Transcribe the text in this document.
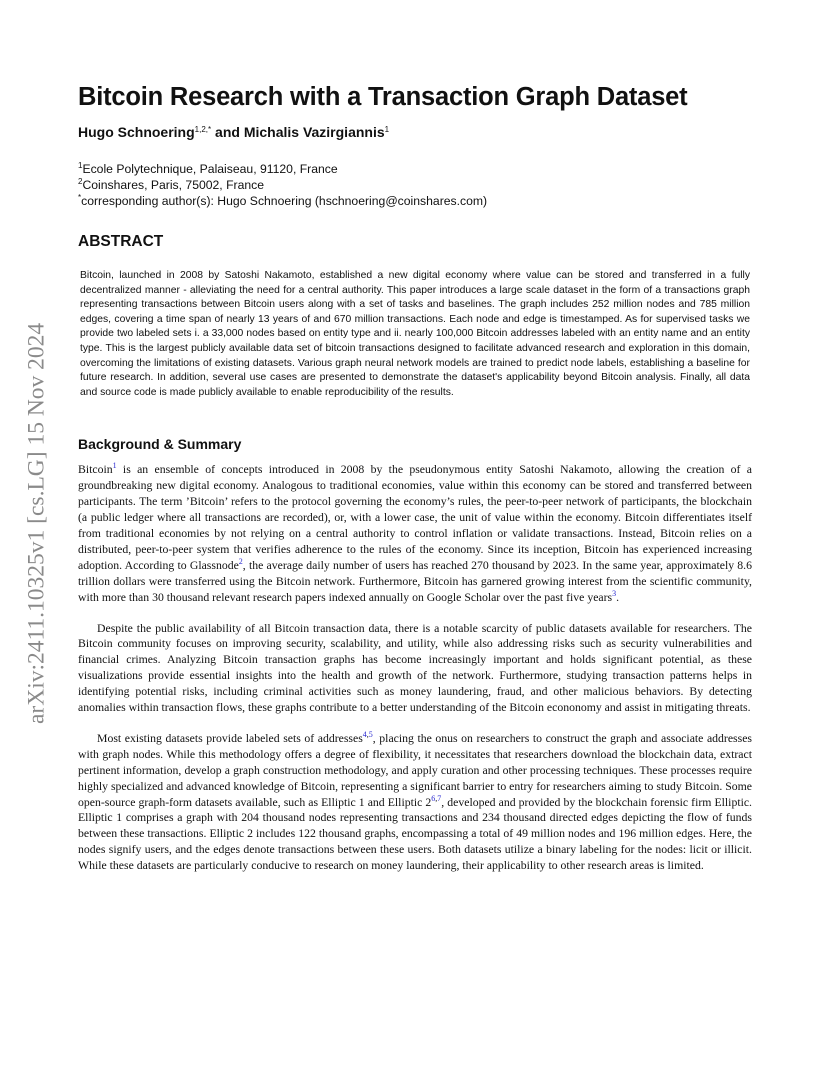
arXiv:2411.10325v1 [cs.LG] 15 Nov 2024
Bitcoin Research with a Transaction Graph Dataset
Hugo Schnoering$^{1,2,*}$ and Michalis Vazirgiannis$^1$
$^1$Ecole Polytechnique, Palaiseau, 91120, France
$^2$Coinshares, Paris, 75002, France
*corresponding author(s): Hugo Schnoering (hschnoering@coinshares.com)
ABSTRACT

Bitcoin, launched in 2008 by Satoshi Nakamoto, established a new digital economy where value can be stored and transferred in a fully decentralized manner - alleviating the need for a central authority. This paper introduces a large scale dataset in the form of a transactions graph representing transactions between Bitcoin users along with a set of tasks and baselines. The graph includes 252 million nodes and 785 million edges, covering a time span of nearly 13 years of and 670 million transactions. Each node and edge is timestamped. As for supervised tasks we provide two labeled sets i. a 33,000 nodes based on entity type and ii. nearly 100,000 Bitcoin addresses labeled with an entity name and an entity type. This is the largest publicly available data set of bitcoin transactions designed to facilitate advanced research and exploration in this domain, overcoming the limitations of existing datasets. Various graph neural network models are trained to predict node labels, establishing a baseline for future research. In addition, several use cases are presented to demonstrate the dataset's applicability beyond Bitcoin analysis. Finally, all data and source code is made publicly available to enable reproducibility of the results.

Background & Summary

Bitcoin$^1$ is an ensemble of concepts introduced in 2008 by the pseudonymous entity Satoshi Nakamoto, allowing the creation of a groundbreaking new digital economy. Analogous to traditional economies, value within this economy can be stored and transferred between participants. The term ’Bitcoin’ refers to the protocol governing the economy’s rules, the peer-to-peer network of participants, the blockchain (a public ledger where all transactions are recorded), or, with a lower case, the unit of value within the economy. Bitcoin differentiates itself from traditional economies by not relying on a central authority to control inflation or validate transactions. Instead, Bitcoin relies on a distributed, peer-to-peer system that verifies adherence to the rules of the economy. Since its inception, Bitcoin has experienced increasing adoption. According to Glassnode$^2$, the average daily number of users has reached 270 thousand by 2023. In the same year, approximately 8.6 trillion dollars were transferred using the Bitcoin network. Furthermore, Bitcoin has garnered growing interest from the scientific community, with more than 30 thousand relevant research papers indexed annually on Google Scholar over the past five years$^3$.

Despite the public availability of all Bitcoin transaction data, there is a notable scarcity of public datasets available for researchers. The Bitcoin community focuses on improving security, scalability, and utility, while also addressing risks such as security vulnerabilities and financial crimes. Analyzing Bitcoin transaction graphs has become increasingly important and holds significant potential, as these visualizations provide essential insights into the health and growth of the network. Furthermore, studying transaction patterns helps in identifying potential risks, including criminal activities such as money laundering, fraud, and other malicious behaviors. By detecting anomalies within transaction flows, these graphs contribute to a better understanding of the Bitcoin econonomy and assist in mitigating threats.

Most existing datasets provide labeled sets of addresses$^{4,5}$, placing the onus on researchers to construct the graph and associate addresses with graph nodes. While this methodology offers a degree of flexibility, it necessitates that researchers download the blockchain data, extract pertinent information, develop a graph construction methodology, and apply curation and other processing techniques. These processes require highly specialized and advanced knowledge of Bitcoin, representing a significant barrier to entry for researchers aiming to study Bitcoin. Some open-source graph-form datasets available, such as Elliptic 1 and Elliptic 2$^{6,7}$, developed and provided by the blockchain forensic firm Elliptic. Elliptic 1 comprises a graph with 204 thousand nodes representing transactions and 234 thousand directed edges depicting the flow of funds between these transactions. Elliptic 2 includes 122 thousand graphs, encompassing a total of 49 million nodes and 196 million edges. Here, the nodes signify users, and the edges denote transactions between these users. Both datasets utilize a binary labeling for the nodes: licit or illicit. While these datasets are particularly conducive to research on money laundering, their applicability to other research areas is limited.
